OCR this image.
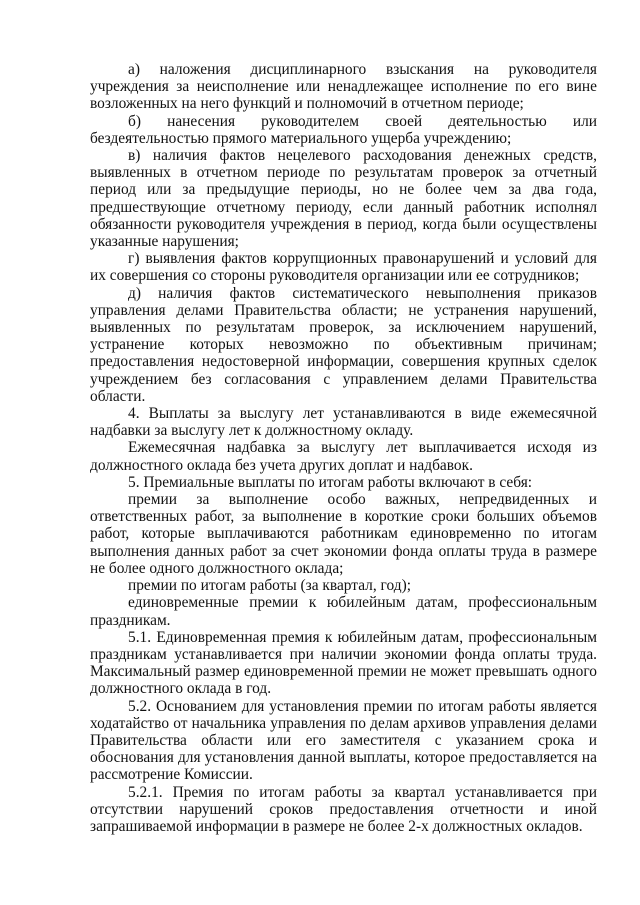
а) наложения дисциплинарного взыскания на руководителя учреждения за неисполнение или ненадлежащее исполнение по его вине возложенных на него функций и полномочий в отчетном периоде;

б) нанесения руководителем своей деятельностью или бездеятельностью прямого материального ущерба учреждению;

в) наличия фактов нецелевого расходования денежных средств, выявленных в отчетном периоде по результатам проверок за отчетный период или за предыдущие периоды, но не более чем за два года, предшествующие отчетному периоду, если данный работник исполнял обязанности руководителя учреждения в период, когда были осуществлены указанные нарушения;

г) выявления фактов коррупционных правонарушений и условий для их совершения со стороны руководителя организации или ее сотрудников;

д) наличия фактов систематического невыполнения приказов управления делами Правительства области; не устранения нарушений, выявленных по результатам проверок, за исключением нарушений, устранение которых невозможно по объективным причинам; предоставления недостоверной информации, совершения крупных сделок учреждением без согласования с управлением делами Правительства области.

4. Выплаты за выслугу лет устанавливаются в виде ежемесячной надбавки за выслугу лет к должностному окладу.

Ежемесячная надбавка за выслугу лет выплачивается исходя из должностного оклада без учета других доплат и надбавок.

5. Премиальные выплаты по итогам работы включают в себя:

премии за выполнение особо важных, непредвиденных и ответственных работ, за выполнение в короткие сроки больших объемов работ, которые выплачиваются работникам единовременно по итогам выполнения данных работ за счет экономии фонда оплаты труда в размере не более одного должностного оклада;

премии по итогам работы (за квартал, год);

единовременные премии к юбилейным датам, профессиональным праздникам.

5.1. Единовременная премия к юбилейным датам, профессиональным праздникам устанавливается при наличии экономии фонда оплаты труда. Максимальный размер единовременной премии не может превышать одного должностного оклада в год.

5.2. Основанием для установления премии по итогам работы является ходатайство от начальника управления по делам архивов управления делами Правительства области или его заместителя с указанием срока и обоснования для установления данной выплаты, которое предоставляется на рассмотрение Комиссии.

5.2.1. Премия по итогам работы за квартал устанавливается при отсутствии нарушений сроков предоставления отчетности и иной запрашиваемой информации в размере не более 2-х должностных окладов.
